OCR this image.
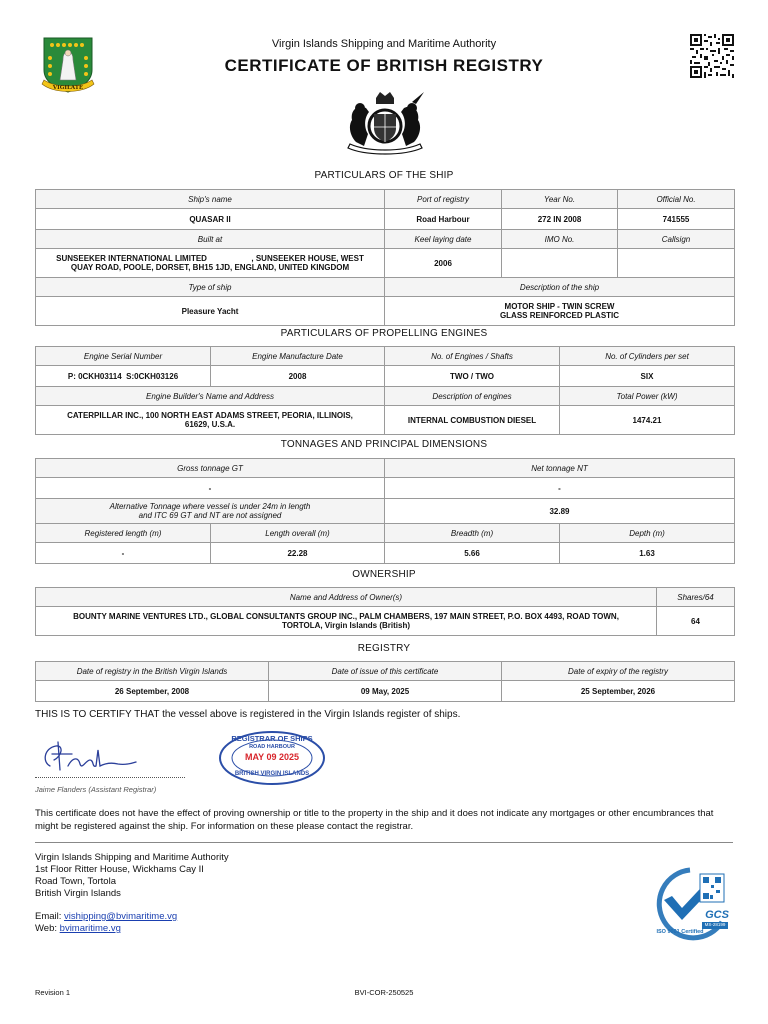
VIGILATE
Virgin Islands Shipping and Maritime Authority
CERTIFICATE OF BRITISH REGISTRY
PARTICULARS OF THE SHIP
Ship's name	Port of registry	Year No.	Official No.
QUASAR II	Road Harbour	272 IN 2008	741555
Built at	Keel laying date	IMO No.	Callsign

SUNSEEKER INTERNATIONAL LIMITED                    , SUNSEEKER HOUSE, WEST
QUAY ROAD, POOLE, DORSET, BH15 1JD, ENGLAND, UNITED KINGDOM	2006		
Type of ship	Description of the ship		
Pleasure Yacht	MOTOR SHIP - TWIN SCREW
GLASS REINFORCED PLASTIC		
PARTICULARS OF PROPELLING ENGINES
Engine Serial Number	Engine Manufacture Date	No. of Engines / Shafts	No. of Cylinders per set
P: 0CKH03114  S:0CKH03126	2008	TWO / TWO	SIX
Engine Builder's Name and Address		Description of engines	Total Power (kW)

CATERPILLAR INC., 100 NORTH EAST ADAMS STREET, PEORIA, ILLINOIS,
61629, U.S.A.		INTERNAL COMBUSTION DIESEL	1474.21
TONNAGES AND PRINCIPAL DIMENSIONS
Gross tonnage GT		Net tonnage NT	
-		-	

Alternative Tonnage where vessel is under 24m in length
and ITC 69 GT and NT are not assigned		32.89	
Registered length (m)	Length overall (m)	Breadth (m)	Depth (m)
-	22.28	5.66	1.63
OWNERSHIP
Name and Address of Owner(s)	Shares/64

BOUNTY MARINE VENTURES LTD., GLOBAL CONSULTANTS GROUP INC., PALM CHAMBERS, 197 MAIN STREET, P.O. BOX 4493, ROAD TOWN,
TORTOLA, Virgin Islands (British)	64
REGISTRY
Date of registry in the British Virgin Islands	Date of issue of this certificate	Date of expiry of the registry
26 September, 2008	09 May, 2025	25 September, 2026
THIS IS TO CERTIFY THAT the vessel above is registered in the Virgin Islands register of ships.
REGISTRAR OF SHIPS
ROAD HARBOUR
MAY 09 2025
BRITISH VIRGIN ISLANDS
Jaime Flanders (Assistant Registrar)
This certificate does not have the effect of proving ownership or title to the property in the ship and it does not indicate any mortgages or other encumbrances that might be registered against the ship. For information on these please contact the registrar.
Virgin Islands Shipping and Maritime Authority
1st Floor Ritter House, Wickhams Cay II
Road Town, Tortola
British Virgin Islands
Email: vishipping@bvimaritime.vg
Web: bvimaritime.vg
GCS
MS-28199
ISO 9001 Certified
Revision 1	BVI-COR-250525
